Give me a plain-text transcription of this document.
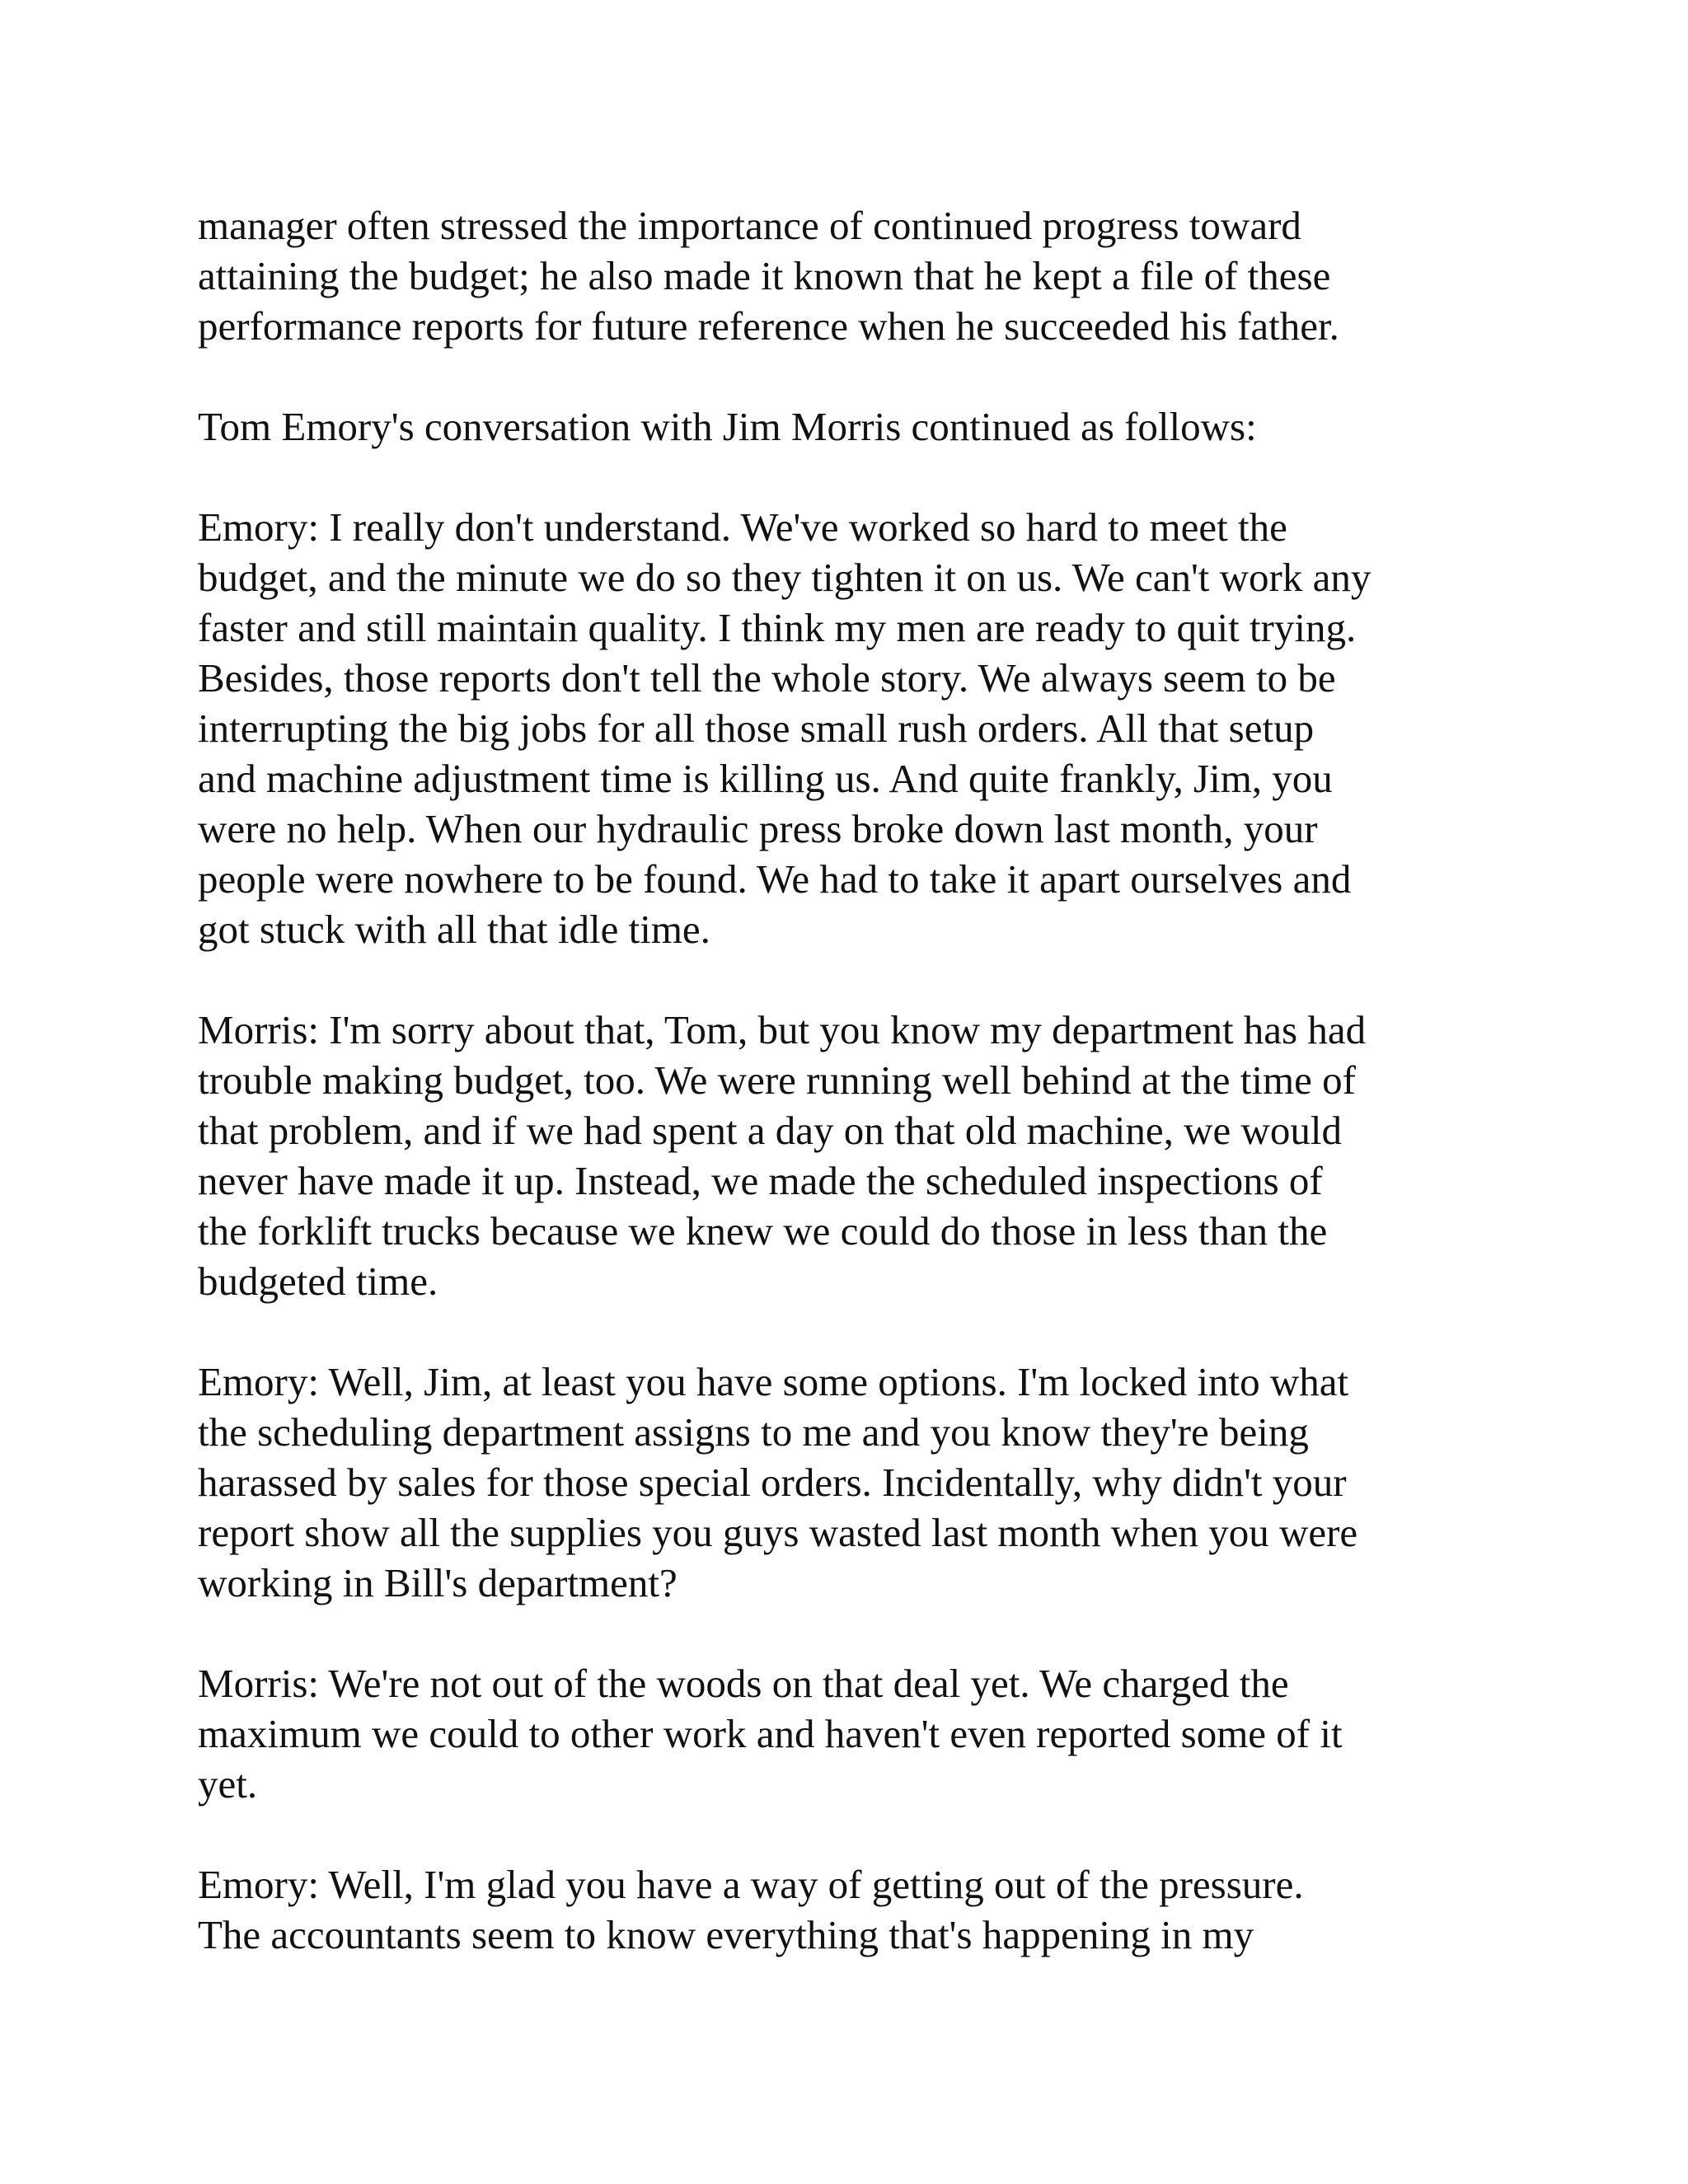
manager often stressed the importance of continued progress toward
attaining the budget; he also made it known that he kept a file of these
performance reports for future reference when he succeeded his father.

Tom Emory's conversation with Jim Morris continued as follows:

Emory: I really don't understand. We've worked so hard to meet the
budget, and the minute we do so they tighten it on us. We can't work any
faster and still maintain quality. I think my men are ready to quit trying.
Besides, those reports don't tell the whole story. We always seem to be
interrupting the big jobs for all those small rush orders. All that setup
and machine adjustment time is killing us. And quite frankly, Jim, you
were no help. When our hydraulic press broke down last month, your
people were nowhere to be found. We had to take it apart ourselves and
got stuck with all that idle time.

Morris: I'm sorry about that, Tom, but you know my department has had
trouble making budget, too. We were running well behind at the time of
that problem, and if we had spent a day on that old machine, we would
never have made it up. Instead, we made the scheduled inspections of
the forklift trucks because we knew we could do those in less than the
budgeted time.

Emory: Well, Jim, at least you have some options. I'm locked into what
the scheduling department assigns to me and you know they're being
harassed by sales for those special orders. Incidentally, why didn't your
report show all the supplies you guys wasted last month when you were
working in Bill's department?

Morris: We're not out of the woods on that deal yet. We charged the
maximum we could to other work and haven't even reported some of it
yet.

Emory: Well, I'm glad you have a way of getting out of the pressure.
The accountants seem to know everything that's happening in my
